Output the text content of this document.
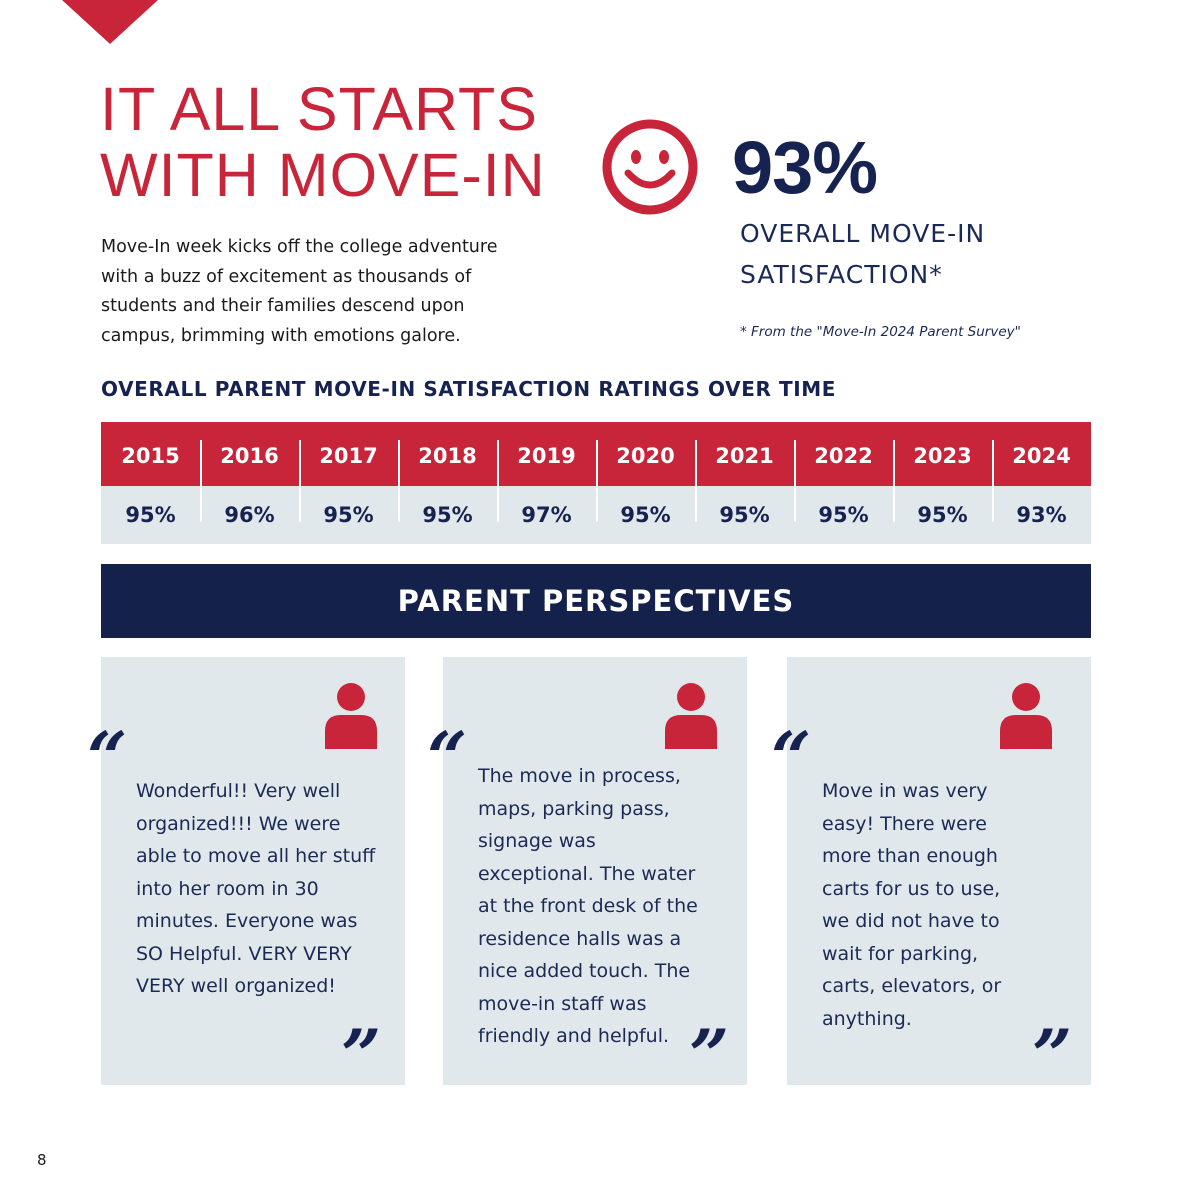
IT ALL STARTS
WITH MOVE-IN

Move-In week kicks off the college adventure with a buzz of excitement as thousands of students and their families descend upon campus, brimming with emotions galore.

93%
OVERALL MOVE-IN
SATISFACTION*

* From the "Move-In 2024 Parent Survey"

OVERALL PARENT MOVE-IN SATISFACTION RATINGS OVER TIME
2015	2016	2017	2018	2019	2020	2021	2022	2023	2024
95%	96%	95%	95%	97%	95%	95%	95%	95%	93%
PARENT PERSPECTIVES
“ Wonderful!! Very well organized!!! We were able to move all her stuff into her room in 30 minutes. Everyone was SO Helpful. VERY VERY VERY well organized!

”
“ The move in process, maps, parking pass, signage was exceptional. The water at the front desk of the residence halls was a nice added touch. The move-in staff was friendly and helpful. ”
“ Move in was very easy! There were more than enough carts for us to use, we did not have to wait for parking, carts, elevators, or anything.	”

8
